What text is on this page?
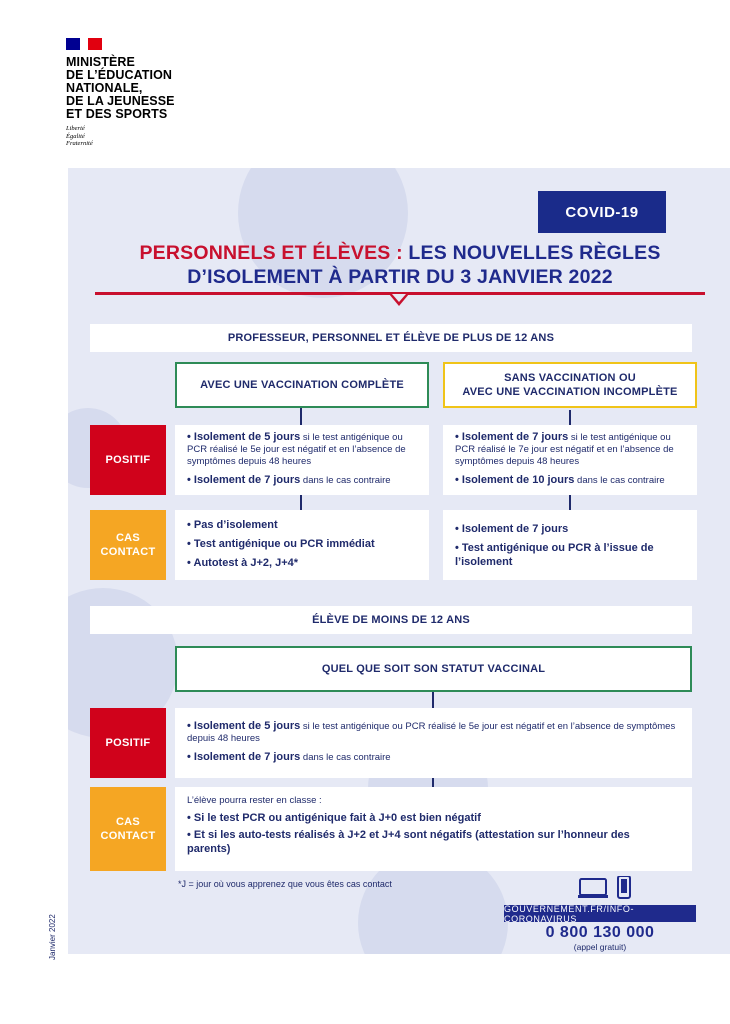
MINISTÈRE
DE L’ÉDUCATION
NATIONALE,
DE LA JEUNESSE
ET DES SPORTS
Liberté
Égalité
Fraternité
COVID-19
PERSONNELS ET ÉLÈVES : LES NOUVELLES RÈGLES
D’ISOLEMENT À PARTIR DU 3 JANVIER 2022
PROFESSEUR, PERSONNEL ET ÉLÈVE DE PLUS DE 12 ANS
AVEC UNE VACCINATION COMPLÈTE
SANS VACCINATION OU
AVEC UNE VACCINATION INCOMPLÈTE
POSITIF
• Isolement de 5 jours si le test antigénique ou PCR réalisé le 5e jour est négatif et en l’absence de symptômes depuis 48 heures
• Isolement de 7 jours dans le cas contraire
• Isolement de 7 jours si le test antigénique ou PCR réalisé le 7e jour est négatif et en l’absence de symptômes depuis 48 heures
• Isolement de 10 jours dans le cas contraire
CAS
CONTACT
• Pas d’isolement
• Test antigénique ou PCR immédiat
• Autotest à J+2, J+4*
• Isolement de 7 jours
• Test antigénique ou PCR à l’issue de l’isolement
ÉLÈVE DE MOINS DE 12 ANS
QUEL QUE SOIT SON STATUT VACCINAL
POSITIF
• Isolement de 5 jours si le test antigénique ou PCR réalisé le 5e jour est négatif et en l’absence de symptômes depuis 48 heures
• Isolement de 7 jours dans le cas contraire
CAS
CONTACT
L’élève pourra rester en classe :
• Si le test PCR ou antigénique fait à J+0 est bien négatif
• Et si les auto-tests réalisés à J+2 et J+4 sont négatifs (attestation sur l’honneur des parents)
*J = jour où vous apprenez que vous êtes cas contact
GOUVERNEMENT.FR/INFO-CORONAVIRUS
0 800 130 000
(appel gratuit)
Janvier 2022
